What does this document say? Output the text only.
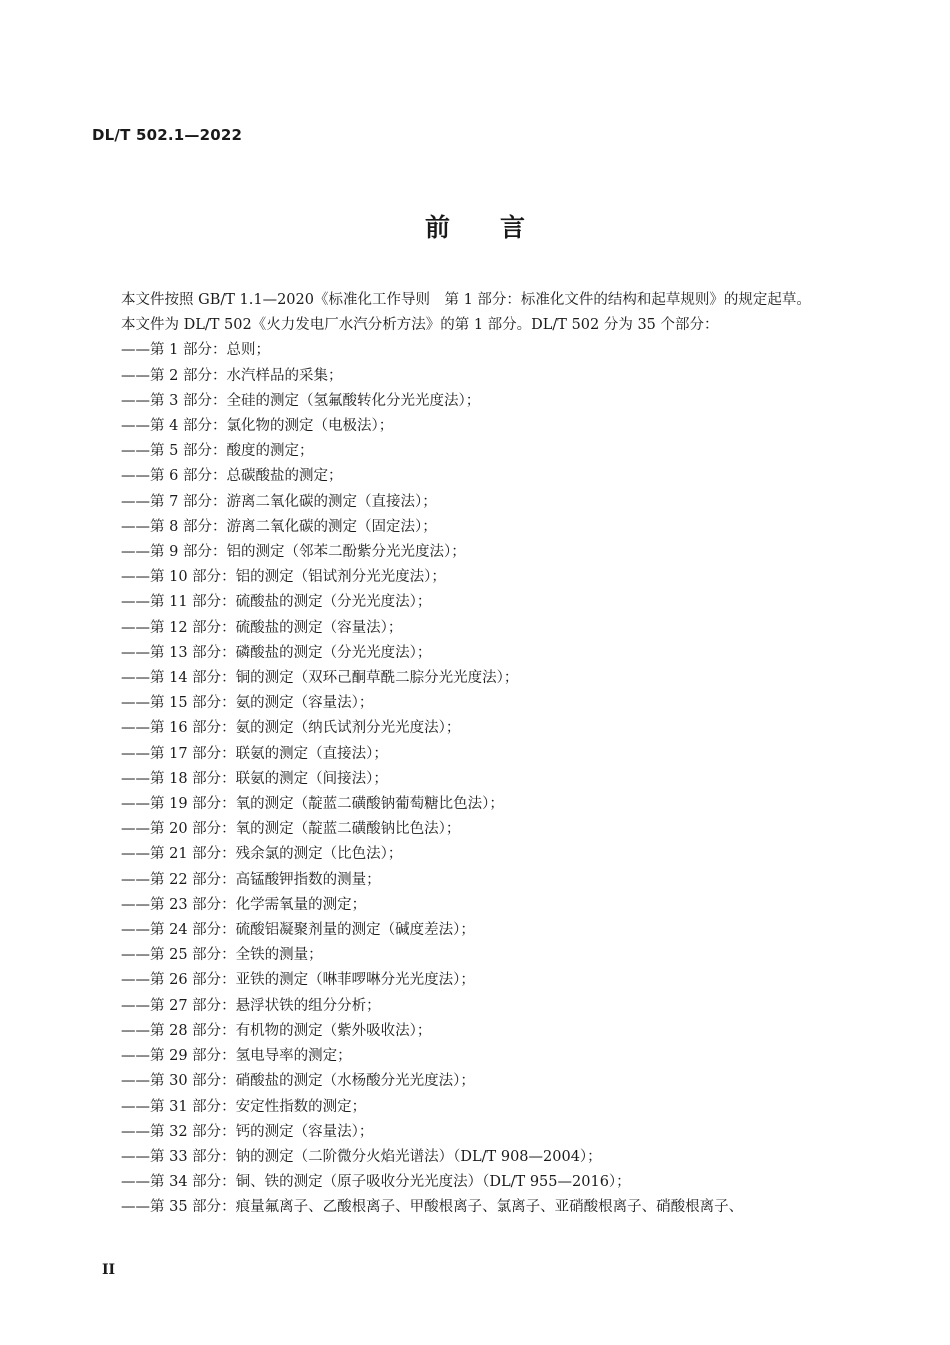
DL/T 502.1—2022
前言

本文件按照 GB/T 1.1—2020《标准化工作导则　第 1 部分：标准化文件的结构和起草规则》的规定起草。

本文件为 DL/T 502《火力发电厂水汽分析方法》的第 1 部分。DL/T 502 分为 35 个部分：

——第 1 部分：总则；
——第 2 部分：水汽样品的采集；
——第 3 部分：全硅的测定（氢氟酸转化分光光度法）；
——第 4 部分：氯化物的测定（电极法）；
——第 5 部分：酸度的测定；
——第 6 部分：总碳酸盐的测定；
——第 7 部分：游离二氧化碳的测定（直接法）；
——第 8 部分：游离二氧化碳的测定（固定法）；
——第 9 部分：铝的测定（邻苯二酚紫分光光度法）；
——第 10 部分：铝的测定（铝试剂分光光度法）；
——第 11 部分：硫酸盐的测定（分光光度法）；
——第 12 部分：硫酸盐的测定（容量法）；
——第 13 部分：磷酸盐的测定（分光光度法）；
——第 14 部分：铜的测定（双环己酮草酰二腙分光光度法）；
——第 15 部分：氨的测定（容量法）；
——第 16 部分：氨的测定（纳氏试剂分光光度法）；
——第 17 部分：联氨的测定（直接法）；
——第 18 部分：联氨的测定（间接法）；
——第 19 部分：氧的测定（靛蓝二磺酸钠葡萄糖比色法）；
——第 20 部分：氧的测定（靛蓝二磺酸钠比色法）；
——第 21 部分：残余氯的测定（比色法）；
——第 22 部分：高锰酸钾指数的测量；
——第 23 部分：化学需氧量的测定；
——第 24 部分：硫酸铝凝聚剂量的测定（碱度差法）；
——第 25 部分：全铁的测量；
——第 26 部分：亚铁的测定（啉菲啰啉分光光度法）；
——第 27 部分：悬浮状铁的组分分析；
——第 28 部分：有机物的测定（紫外吸收法）；
——第 29 部分：氢电导率的测定；
——第 30 部分：硝酸盐的测定（水杨酸分光光度法）；
——第 31 部分：安定性指数的测定；
——第 32 部分：钙的测定（容量法）；
——第 33 部分：钠的测定（二阶微分火焰光谱法）（DL/T 908—2004）；
——第 34 部分：铜、铁的测定（原子吸收分光光度法）（DL/T 955—2016）；
——第 35 部分：痕量氟离子、乙酸根离子、甲酸根离子、氯离子、亚硝酸根离子、硝酸根离子、
II
